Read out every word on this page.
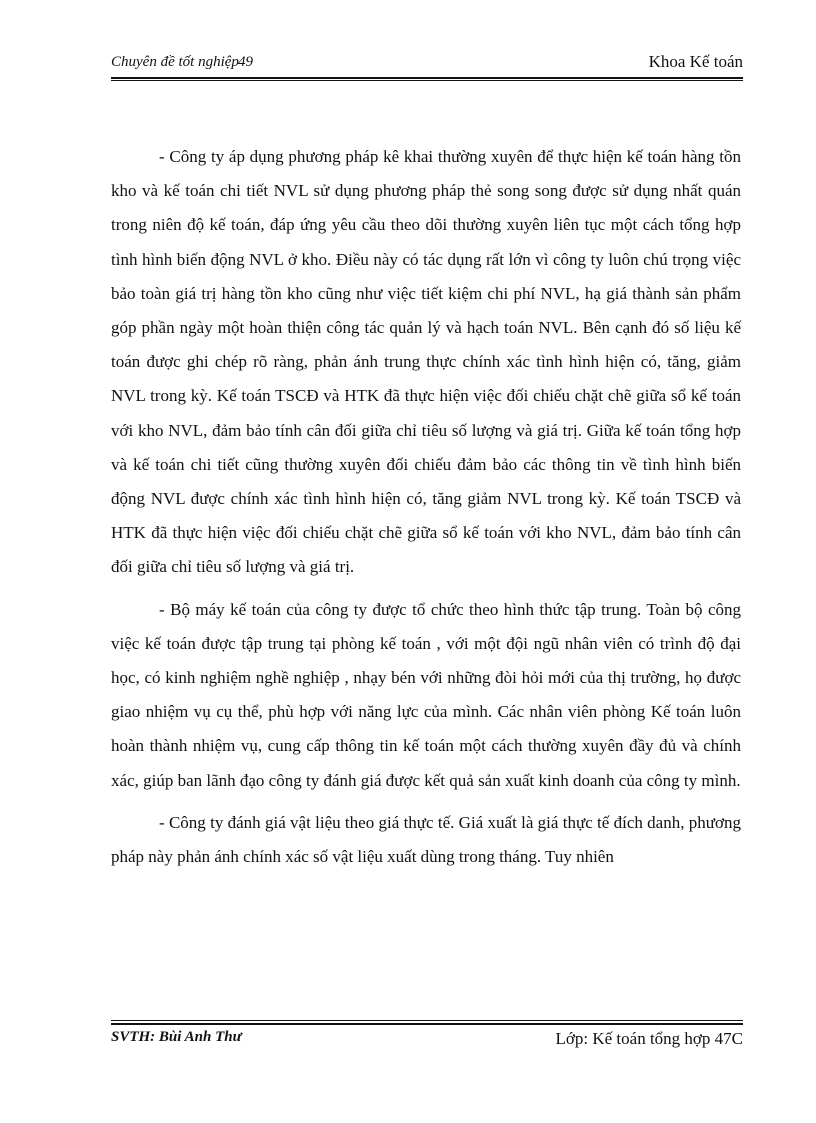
Chuyên đề tốt nghiệp 49	Khoa Kế toán

- Công ty áp dụng phương pháp kê khai thường xuyên để thực hiện kế toán hàng tồn kho và kế toán chi tiết NVL sử dụng phương pháp thẻ song song được sử dụng nhất quán trong niên độ kế toán, đáp ứng yêu cầu theo dõi thường xuyên liên tục một cách tổng hợp tình hình biến động NVL ở kho. Điều này có tác dụng rất lớn vì công ty luôn chú trọng việc bảo toàn giá trị hàng tồn kho cũng như việc tiết kiệm chi phí NVL, hạ giá thành sản phẩm góp phần ngày một hoàn thiện công tác quản lý và hạch toán NVL. Bên cạnh đó số liệu kế toán được ghi chép rõ ràng, phản ánh trung thực chính xác tình hình hiện có, tăng, giảm NVL trong kỳ. Kế toán TSCĐ và HTK đã thực hiện việc đối chiếu chặt chẽ giữa sổ kế toán với kho NVL, đảm bảo tính cân đối giữa chỉ tiêu số lượng và giá trị. Giữa kế toán tổng hợp và kế toán chi tiết cũng thường xuyên đối chiếu đảm bảo các thông tin về tình hình biến động NVL được chính xác tình hình hiện có, tăng giảm NVL trong kỳ. Kế toán TSCĐ và HTK đã thực hiện việc đối chiếu chặt chẽ giữa sổ kế toán với kho NVL, đảm bảo tính cân đối giữa chỉ tiêu số lượng và giá trị.

- Bộ máy kế toán của công ty được tổ chức theo hình thức tập trung. Toàn bộ công việc kế toán được tập trung tại phòng kế toán , với một đội ngũ nhân viên có trình độ đại học, có kinh nghiệm nghề nghiệp , nhạy bén với những đòi hỏi mới của thị trường, họ được giao nhiệm vụ cụ thể, phù hợp với năng lực của mình. Các nhân viên phòng Kế toán luôn hoàn thành nhiệm vụ, cung cấp thông tin kế toán một cách thường xuyên đầy đủ và chính xác, giúp ban lãnh đạo công ty đánh giá được kết quả sản xuất kinh doanh của công ty mình.

- Công ty đánh giá vật liệu theo giá thực tế. Giá xuất là giá thực tế đích danh, phương pháp này phản ánh chính xác số vật liệu xuất dùng trong tháng. Tuy nhiên

SVTH: Bùi Anh Thư	Lớp: Kế toán tổng hợp 47C
